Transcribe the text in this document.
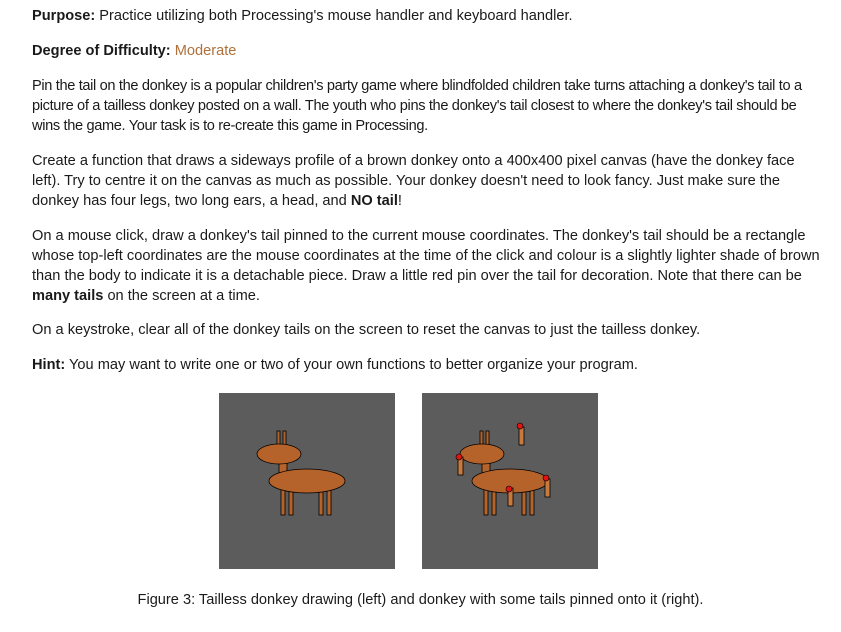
Purpose: Practice utilizing both Processing's mouse handler and keyboard handler.

Degree of Difficulty: Moderate

Pin the tail on the donkey is a popular children's party game where blindfolded children take turns attaching a donkey's tail to a picture of a tailless donkey posted on a wall. The youth who pins the donkey's tail closest to where the donkey's tail should be wins the game. Your task is to re-create this game in Processing.

Create a function that draws a sideways profile of a brown donkey onto a 400x400 pixel canvas (have the donkey face left). Try to centre it on the canvas as much as possible. Your donkey doesn't need to look fancy. Just make sure the donkey has four legs, two long ears, a head, and NO tail!

On a mouse click, draw a donkey's tail pinned to the current mouse coordinates. The donkey's tail should be a rectangle whose top-left coordinates are the mouse coordinates at the time of the click and colour is a slightly lighter shade of brown than the body to indicate it is a detachable piece. Draw a little red pin over the tail for decoration. Note that there can be many tails on the screen at a time.

On a keystroke, clear all of the donkey tails on the screen to reset the canvas to just the tailless donkey.

Hint: You may want to write one or two of your own functions to better organize your program.

Figure 3: Tailless donkey drawing (left) and donkey with some tails pinned onto it (right).
